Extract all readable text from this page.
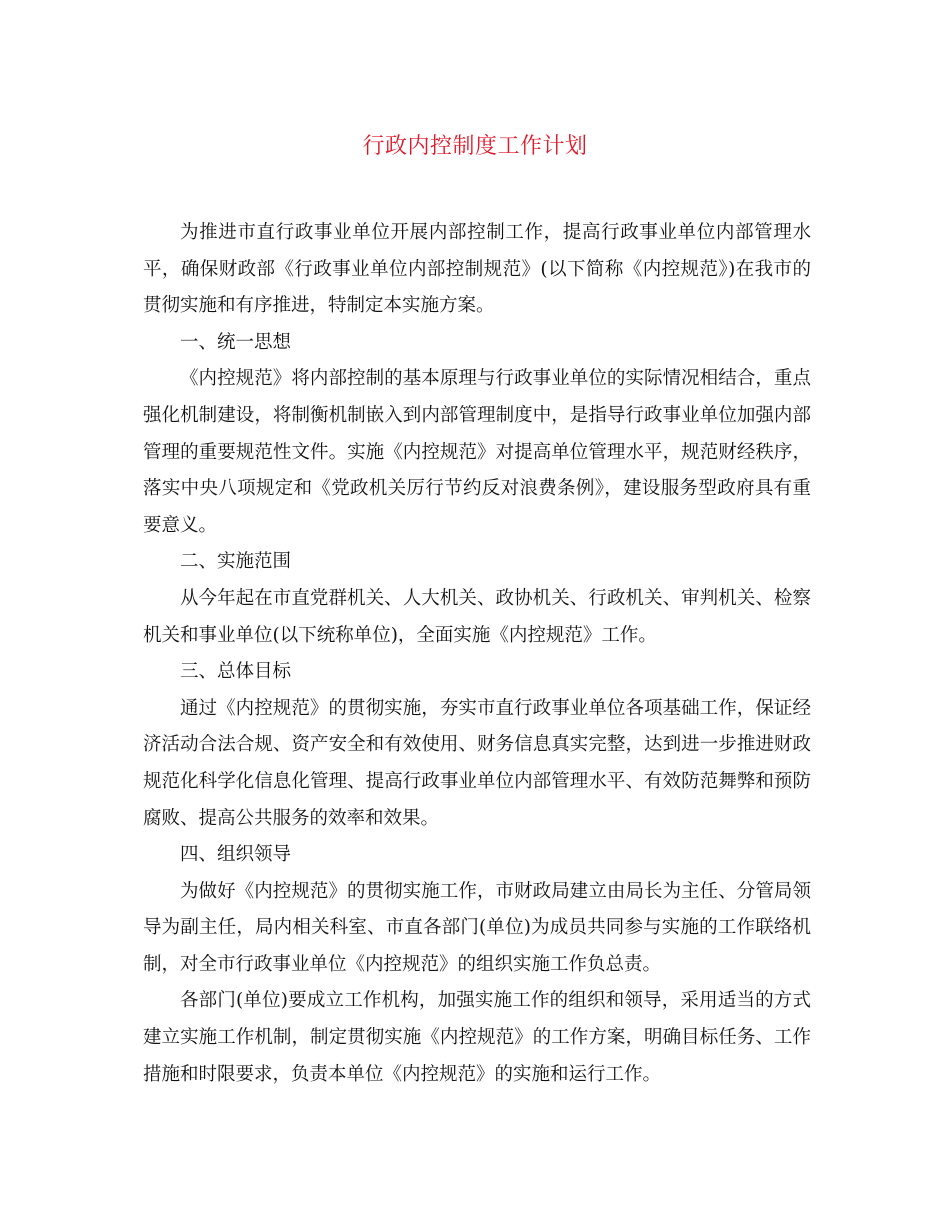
行政内控制度工作计划

为推进市直行政事业单位开展内部控制工作，提高行政事业单位内部管理水平，确保财政部《行政事业单位内部控制规范》(以下简称《内控规范》)在我市的贯彻实施和有序推进，特制定本实施方案。

一、统一思想

《内控规范》将内部控制的基本原理与行政事业单位的实际情况相结合，重点强化机制建设，将制衡机制嵌入到内部管理制度中，是指导行政事业单位加强内部管理的重要规范性文件。实施《内控规范》对提高单位管理水平，规范财经秩序，落实中央八项规定和《党政机关厉行节约反对浪费条例》，建设服务型政府具有重要意义。

二、实施范围

从今年起在市直党群机关、人大机关、政协机关、行政机关、审判机关、检察机关和事业单位(以下统称单位)，全面实施《内控规范》工作。

三、总体目标

通过《内控规范》的贯彻实施，夯实市直行政事业单位各项基础工作，保证经济活动合法合规、资产安全和有效使用、财务信息真实完整，达到进一步推进财政规范化科学化信息化管理、提高行政事业单位内部管理水平、有效防范舞弊和预防腐败、提高公共服务的效率和效果。

四、组织领导

为做好《内控规范》的贯彻实施工作，市财政局建立由局长为主任、分管局领导为副主任，局内相关科室、市直各部门(单位)为成员共同参与实施的工作联络机制，对全市行政事业单位《内控规范》的组织实施工作负总责。

各部门(单位)要成立工作机构，加强实施工作的组织和领导，采用适当的方式建立实施工作机制，制定贯彻实施《内控规范》的工作方案，明确目标任务、工作措施和时限要求，负责本单位《内控规范》的实施和运行工作。
